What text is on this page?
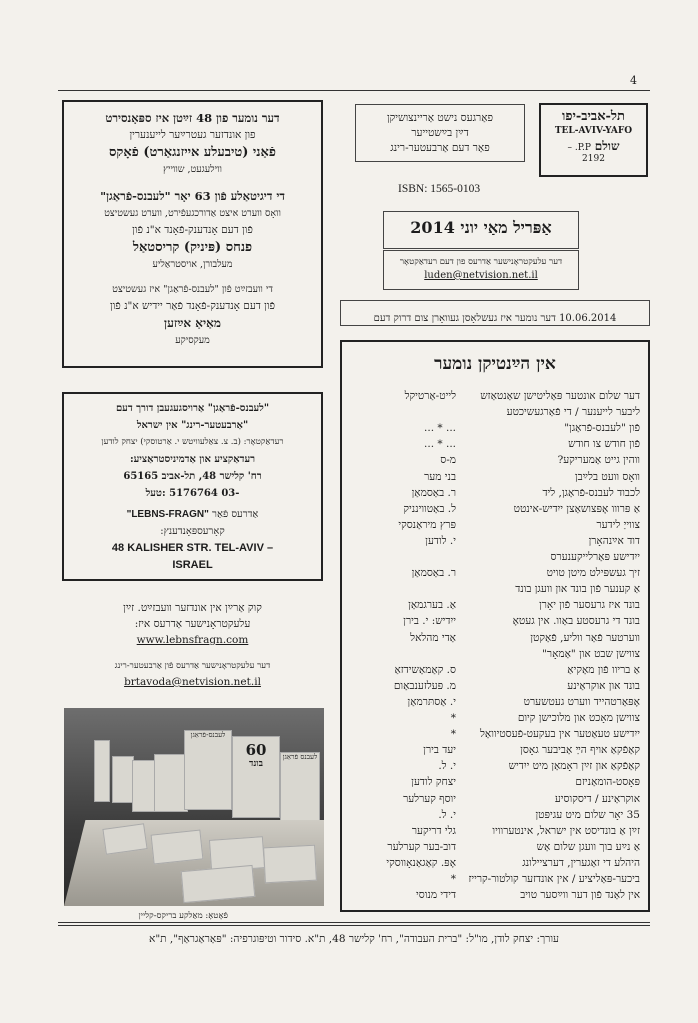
4
תל-אביב-יפו
TEL-AVIV-YAFO
שולם P.P. –
2192
פאַרגעס נישט אַריינצושיקן
דײַן בײַשטייער
פאַר דעם אַרבעטער-רינג
ISBN: 1565-0103
אַפּריל מאַי יוני 2014
דער עלעקטראָנישער אַדרעס פון דעם רעדאַקטאָר
luden@netvision.net.il
10.06.2014 דער נומער איז געשלאָסן געוואָרן צום דרוק דעם
דער נומער פון 48 זײַטן איז ספּאָנסירט
פון אונדזער געטרײַער לייענערין
פֿאַני (טיבעלע אייזנגאַרט) פֿאָקס
ווילעגעט, שווייץ
די דיגיטאַלע פֿון 63 יאָר "לעבנס-פֿראַגן"
וואָס ווערט איצט אַדורכגעפֿירט, ווערט געשטיצט
פֿון דעם אָנדענק-פֿאָנד א"נ פֿון
פנחס (פּיניק) קריסטאַל
מעלבורן, אויסטראַליע
די וועבזײַט פֿון "לעבנס-פֿראַגן" איז געשטיצט
פֿון דעם אָנדענק-פֿאָנד פֿאַר יידיש א"נ פֿון
מאַיאַ אײַזען
מעקסיקע
"לעבנס-פֿראַגן" אַרויסגעגעבן דורך דעם
"אַרבעטער-רינג" אין ישראל
רעדאַקטאָר: (ב. צ. צאַלעוויטש י. אַרטוסקי) יצחק לודען
רעדאַקציע און אַדמיניסטראַציע:
רח' קלישר 48, תל-אביב 65165
-03 5176764 :טעל
אַדרעס פֿאַר "LEBNS-FRAGN"
קאָרעספּאָנדענץ:
48 KALISHER STR. TEL-AVIV –
ISRAEL
קוק אַרײַן אין אונדזער וועבזײַט. זײַן
עלעקטראָנישער אַדרעס איז:
www.lebnsfragn.com
דער עלעקטראָנישער אַדרעס פֿון אַרבעטער-רינג
brtavoda@netvision.net.il
לעבנס-פֿראַגן
60
בונד
לעבנס פֿראַגן
פֿאָטאָ: מאַלקע בריקס-קליין
אין הײַנטיקן נומער
דער שלום אונטער פּאַליטישן שאַנטאַזש
לייט-אַרטיקל
ליבער לייענער / די פֿאַרגעשיכטע
פֿון "לעבנס-פֿראַגן"
... * ...
פֿון חודש צו חודש
... * ...
ווהין גייט אַמעריקע?
מ-ס
וואָס וועט בלײַבן
בני מער
לכבוד לעבנס-פֿראַגן, ליד
ר. באַסמאַן
אַ פּרווו אָפּצושאַצן ייִדיש-אינטט
ל. באַטווינניק
צווייַ לידער
פּרץ מיראַנסקי
דוד אײַנהאָרן
י. לודען
ייִדישע פּאַרלייקענערס
זיך געשפּילט מיטן טויט
ר. באַסמאַן
אַ קענער פֿון בונד און וועגן בונד
בונד איז גרעסער פֿון יאָרן
אַ. בערגמאַן
בונד די גרעסטע באַוו. אין געטאָ
ייִדיש: י. בירן
ווערטער פֿאַר ווליע, פֿאַקטן
אַדי מהלאל
צווישן שבט און "אַמאָר"
אַ בריוו פֿון מאַקיאַ
ס. קאַמאַשידזאַ
בונד און אוקראַינע
מ. פּעלזענבאַום
אָפּאַרטהייד ווערט געטשערט
י. אַסתּרמאַן
צווישן מאָכט און מלוכישן קיום
*
ייִדישע טעאַטער אין בעקעט-פֿעסטיוואַל
*
קאַפֿקאַ אויף הײַ אַביבער גאָסן
יעד בירן
קאַפֿקאַ און זײַן ראָמאַן מיט ייִדיש
י. ל.
פּאָסט-הומאַניזם
יצחק לודען
אוקראַינע / דיסקוסיע
יוסף קערלער
35 יאָר שלום מיט עגיפּטן
י. ל.
זײַן אַ בונדיסט אין ישראל, אינטערוויו
גלי דריקער
אַ נײַע בוך וועגן שלום אַש
דוב-בער קערלער
היהלע די זאַגערין, דערציילונג
אָפּ. קאַגאַנאָווסקי
ביכער-פּאַליציע / אין אונדזער קולטור-קרייז
*
אין לאַנד פֿון דער ווײַסער טויב
דידי מנוסי
עורך: יצחק לודן, מו"ל: "ברית העבודה", רח' קלישר 48, ת"א. סידור וטיפּוגרפיה: "פּאַראַגראַף", ת"א
